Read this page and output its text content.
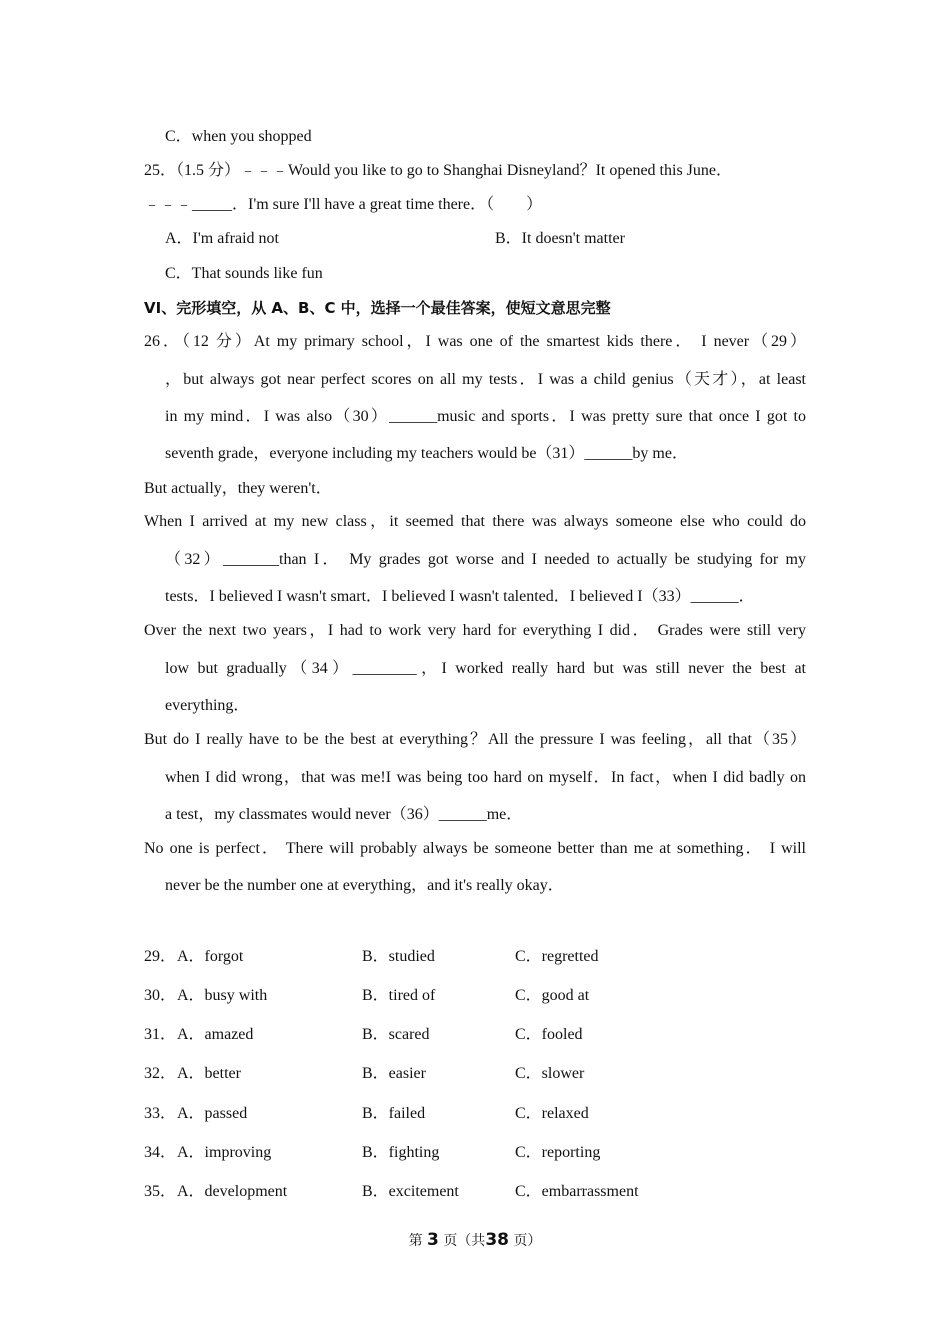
C．when you shopped
25．（1.5 分）﹣﹣﹣Would you like to go to Shanghai Disneyland？It opened this June．
﹣﹣﹣_____．I'm sure I'll have a great time there．（　　）
A．I'm afraid not	B．It doesn't matter
C．That sounds like fun
VI、完形填空，从 A、B、C 中，选择一个最佳答案，使短文意思完整
26．（12 分）At my primary school，I was one of the smartest kids there． I never（29）
，but always got near perfect scores on all my tests．I was a child genius（天才），at least
in my mind．I was also（30）______music and sports．I was pretty sure that once I got to
seventh grade，everyone including my teachers would be（31）______by me．
But actually，they weren't．
When I arrived at my new class，it seemed that there was always someone else who could do
（32）_______than I． My grades got worse and I needed to actually be studying for my
tests．I believed I wasn't smart．I believed I wasn't talented．I believed I（33）______．
Over the next two years，I had to work very hard for everything I did． Grades were still very
low but gradually（34）________，I worked really hard but was still never the best at
everything．
But do I really have to be the best at everything？All the pressure I was feeling，all that（35）
when I did wrong，that was me!I was being too hard on myself．In fact，when I did badly on
a test，my classmates would never（36）______me．
No one is perfect． There will probably always be someone better than me at something． I will
never be the number one at everything，and it's really okay．
29． A．forgot	B．studied	C．regretted
30． A．busy with	B．tired of	C．good at
31． A．amazed	B．scared	C．fooled
32． A．better	B．easier	C．slower
33． A．passed	B．failed	C．relaxed
34． A．improving	B．fighting	C．reporting
35． A．development	B．excitement	C．embarrassment
第 3 页（共38 页）
